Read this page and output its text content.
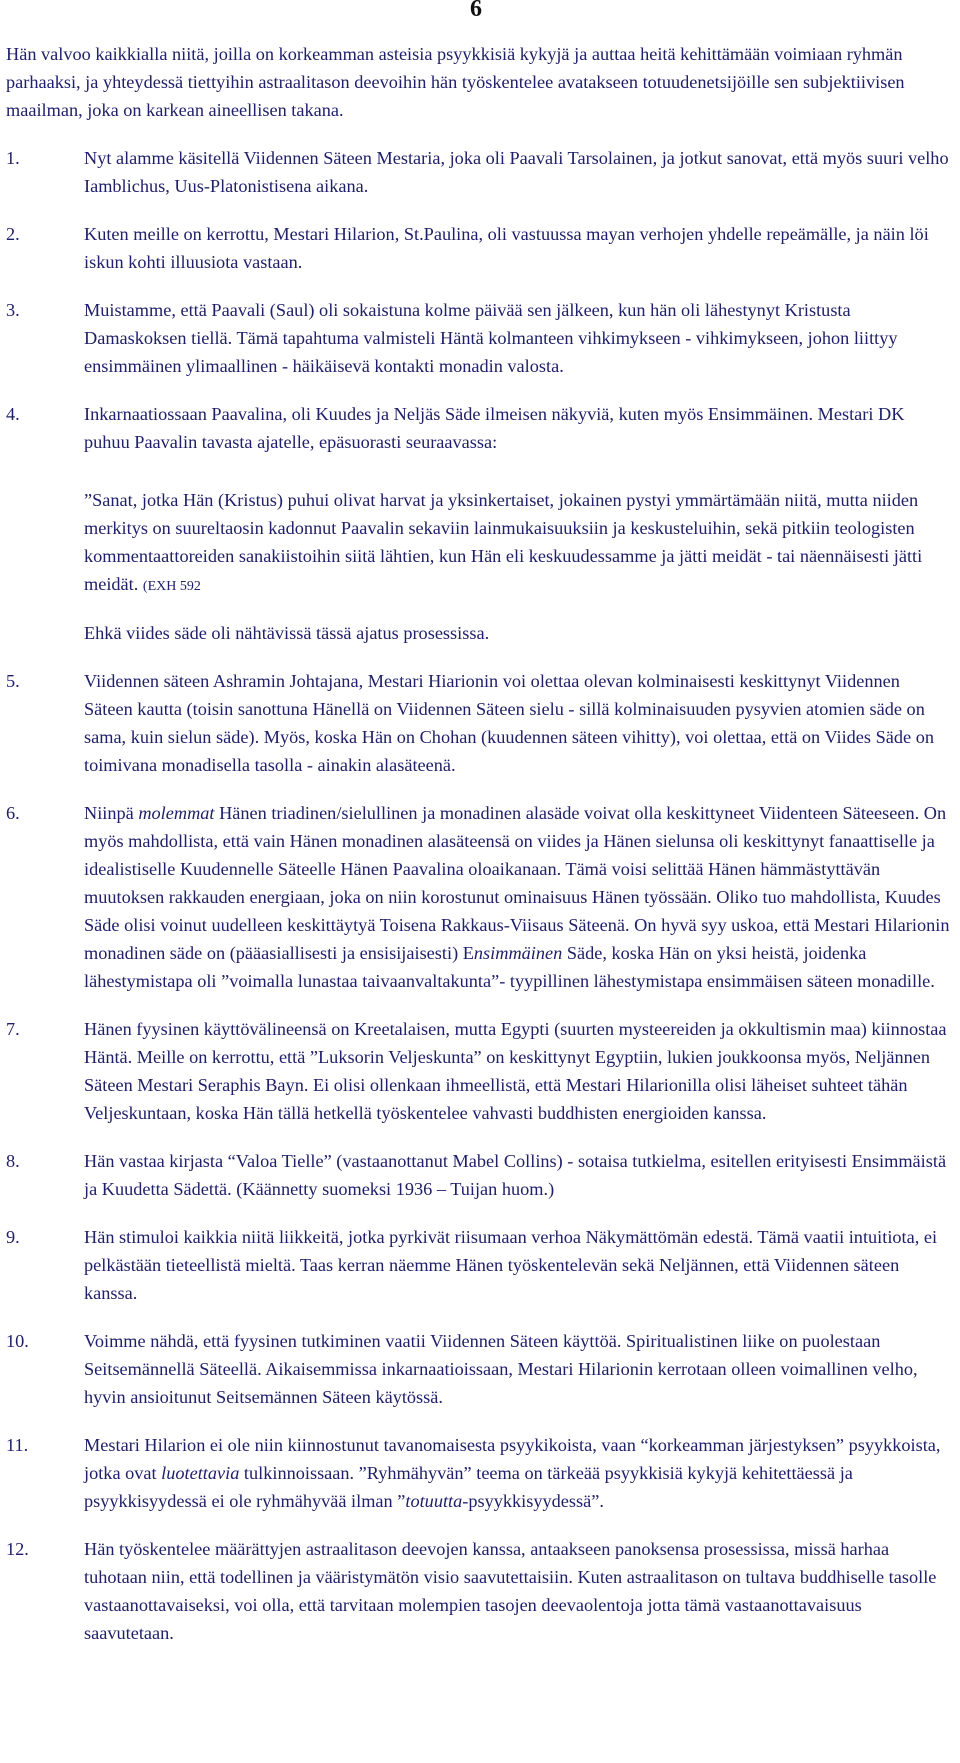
6

Hän valvoo kaikkialla niitä, joilla on korkeamman asteisia psyykkisiä kykyjä ja auttaa heitä kehittämään voimiaan ryhmän parhaaksi, ja yhteydessä tiettyihin astraalitason deevoihin hän työskentelee avatakseen totuudenetsijöille sen subjektiivisen maailman, joka on karkean aineellisen takana.

1.	Nyt alamme käsitellä Viidennen Säteen Mestaria, joka oli Paavali Tarsolainen, ja jotkut sanovat, että myös suuri velho Iamblichus, Uus-Platonistisena aikana.

2.	Kuten meille on kerrottu, Mestari Hilarion, St.Paulina, oli vastuussa mayan verhojen yhdelle repeämälle, ja näin löi iskun kohti illuusiota vastaan.

3.	Muistamme, että Paavali (Saul) oli sokaistuna kolme päivää sen jälkeen, kun hän oli lähestynyt Kristusta Damaskoksen tiellä. Tämä tapahtuma valmisteli Häntä kolmanteen vihkimykseen - vihkimykseen, johon liittyy ensimmäinen ylimaallinen - häikäisevä kontakti monadin valosta.

4.	Inkarnaatiossaan Paavalina, oli Kuudes ja Neljäs Säde ilmeisen näkyviä, kuten myös Ensimmäinen. Mestari DK puhuu Paavalin tavasta ajatelle, epäsuorasti seuraavassa:

”Sanat, jotka Hän (Kristus) puhui olivat harvat ja yksinkertaiset, jokainen pystyi ymmärtämään niitä, mutta niiden merkitys on suureltaosin kadonnut Paavalin sekaviin lainmukaisuuksiin ja keskusteluihin, sekä pitkiin teologisten kommentaattoreiden sanakiistoihin siitä lähtien, kun Hän eli keskuudessamme ja jätti meidät - tai näennäisesti jätti meidät. (EXH 592

Ehkä viides säde oli nähtävissä tässä ajatus prosessissa.

5.	Viidennen säteen Ashramin Johtajana, Mestari Hiarionin voi olettaa olevan kolminaisesti keskittynyt Viidennen Säteen kautta (toisin sanottuna Hänellä on Viidennen Säteen sielu - sillä kolminaisuuden pysyvien atomien säde on sama, kuin sielun säde). Myös, koska Hän on Chohan (kuudennen säteen vihitty), voi olettaa, että on Viides Säde on toimivana monadisella tasolla - ainakin alasäteenä.

6.	Niinpä molemmat Hänen triadinen/sielullinen ja monadinen alasäde voivat olla keskittyneet Viidenteen Säteeseen. On myös mahdollista, että vain Hänen monadinen alasäteensä on viides ja Hänen sielunsa oli keskittynyt fanaattiselle ja idealistiselle Kuudennelle Säteelle Hänen Paavalina oloaikanaan. Tämä voisi selittää Hänen hämmästyttävän muutoksen rakkauden energiaan, joka on niin korostunut ominaisuus Hänen työssään. Oliko tuo mahdollista, Kuudes Säde olisi voinut uudelleen keskittäytyä Toisena Rakkaus-Viisaus Säteenä. On hyvä syy uskoa, että Mestari Hilarionin monadinen säde on (pääasiallisesti ja ensisijaisesti) Ensimmäinen Säde, koska Hän on yksi heistä, joidenka lähestymistapa oli ”voimalla lunastaa taivaanvaltakunta”- tyypillinen lähestymistapa ensimmäisen säteen monadille.

7.	Hänen fyysinen käyttövälineensä on Kreetalaisen, mutta Egypti (suurten mysteereiden ja okkultismin maa) kiinnostaa Häntä. Meille on kerrottu, että ”Luksorin Veljeskunta” on keskittynyt Egyptiin, lukien joukkoonsa myös, Neljännen Säteen Mestari Seraphis Bayn. Ei olisi ollenkaan ihmeellistä, että Mestari Hilarionilla olisi läheiset suhteet tähän Veljeskuntaan, koska Hän tällä hetkellä työskentelee vahvasti buddhisten energioiden kanssa.

8.	Hän vastaa kirjasta “Valoa Tielle” (vastaanottanut Mabel Collins) - sotaisa tutkielma, esitellen erityisesti Ensimmäistä ja Kuudetta Sädettä. (Käännetty suomeksi 1936 – Tuijan huom.)

9.	Hän stimuloi kaikkia niitä liikkeitä, jotka pyrkivät riisumaan verhoa Näkymättömän edestä. Tämä vaatii intuitiota, ei pelkästään tieteellistä mieltä. Taas kerran näemme Hänen työskentelevän sekä Neljännen, että Viidennen säteen kanssa.

10.	Voimme nähdä, että fyysinen tutkiminen vaatii Viidennen Säteen käyttöä. Spiritualistinen liike on puolestaan Seitsemännellä Säteellä. Aikaisemmissa inkarnaatioissaan, Mestari Hilarionin kerrotaan olleen voimallinen velho, hyvin ansioitunut Seitsemännen Säteen käytössä.

11.	Mestari Hilarion ei ole niin kiinnostunut tavanomaisesta psyykikoista, vaan “korkeamman järjestyksen” psyykkoista, jotka ovat luotettavia tulkinnoissaan. ”Ryhmähyvän” teema on tärkeää psyykkisiä kykyjä kehitettäessä ja psyykkisyydessä ei ole ryhmähyvää ilman ”totuutta-psyykkisyydessä”.

12.	Hän työskentelee määrättyjen astraalitason deevojen kanssa, antaakseen panoksensa prosessissa, missä harhaa tuhotaan niin, että todellinen ja vääristymätön visio saavutettaisiin. Kuten astraalitason on tultava buddhiselle tasolle vastaanottavaiseksi, voi olla, että tarvitaan molempien tasojen deevaolentoja jotta tämä vastaanottavaisuus saavutetaan.
